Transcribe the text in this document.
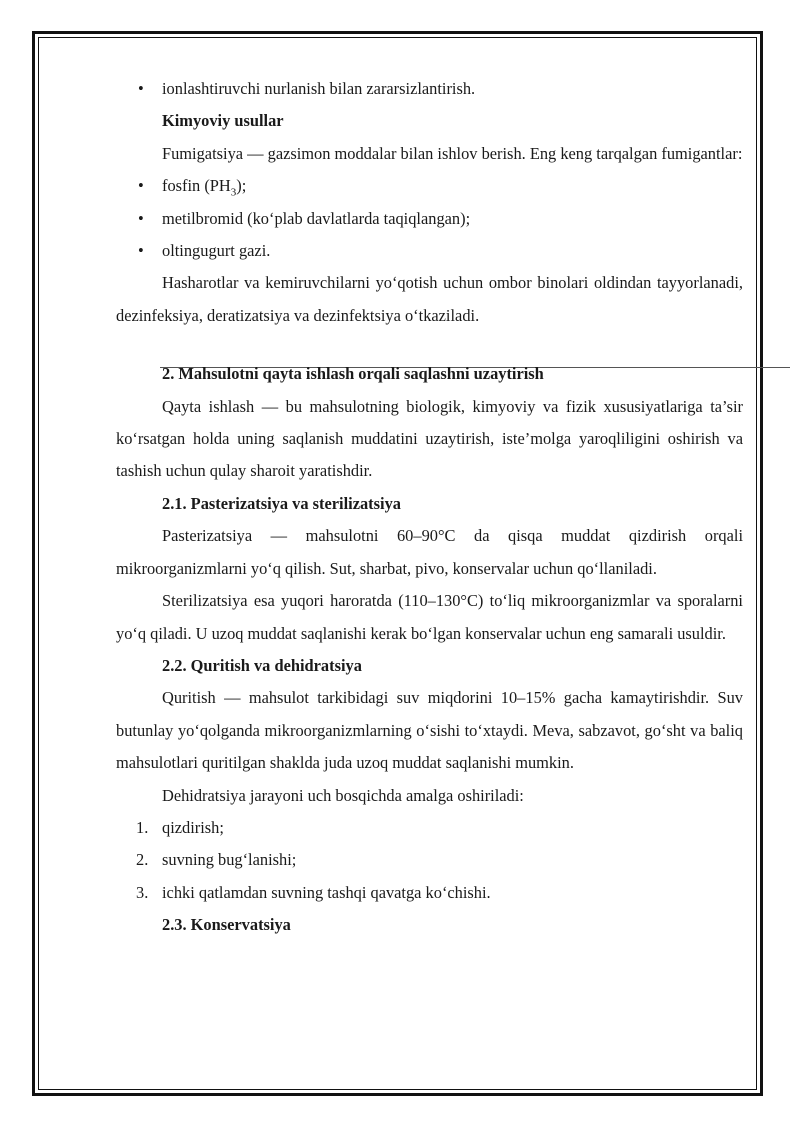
• ionlashtiruvchi nurlanish bilan zararsizlantirish.

Kimyoviy usullar

Fumigatsiya — gazsimon moddalar bilan ishlov berish. Eng keng tarqalgan fumigantlar:

• fosfin $(PH_3)$;

• metilbromid (ko‘plab davlatlarda taqiqlangan);

• oltingugurt gazi.

Hasharotlar va kemiruvchilarni yo‘qotish uchun ombor binolari oldindan tayyorlanadi, dezinfeksiya, deratizatsiya va dezinfektsiya o‘tkaziladi.

2. Mahsulotni qayta ishlash orqali saqlashni uzaytirish

Qayta ishlash — bu mahsulotning biologik, kimyoviy va fizik xususiyatlariga ta’sir ko‘rsatgan holda uning saqlanish muddatini uzaytirish, iste’molga yaroqliligini oshirish va tashish uchun qulay sharoit yaratishdir.

2.1. Pasterizatsiya va sterilizatsiya

Pasterizatsiya — mahsulotni 60–90°C da qisqa muddat qizdirish orqali mikroorganizmlarni yo‘q qilish. Sut, sharbat, pivo, konservalar uchun qo‘llaniladi.

Sterilizatsiya esa yuqori haroratda (110–130°C) to‘liq mikroorganizmlar va sporalarni yo‘q qiladi. U uzoq muddat saqlanishi kerak bo‘lgan konservalar uchun eng samarali usuldir.

2.2. Quritish va dehidratsiya

Quritish — mahsulot tarkibidagi suv miqdorini 10–15% gacha kamaytirishdir. Suv butunlay yo‘qolganda mikroorganizmlarning o‘sishi to‘xtaydi. Meva, sabzavot, go‘sht va baliq mahsulotlari quritilgan shaklda juda uzoq muddat saqlanishi mumkin.

Dehidratsiya jarayoni uch bosqichda amalga oshiriladi:

1. qizdirish;

2. suvning bug‘lanishi;

3. ichki qatlamdan suvning tashqi qavatga ko‘chishi.

2.3. Konservatsiya
